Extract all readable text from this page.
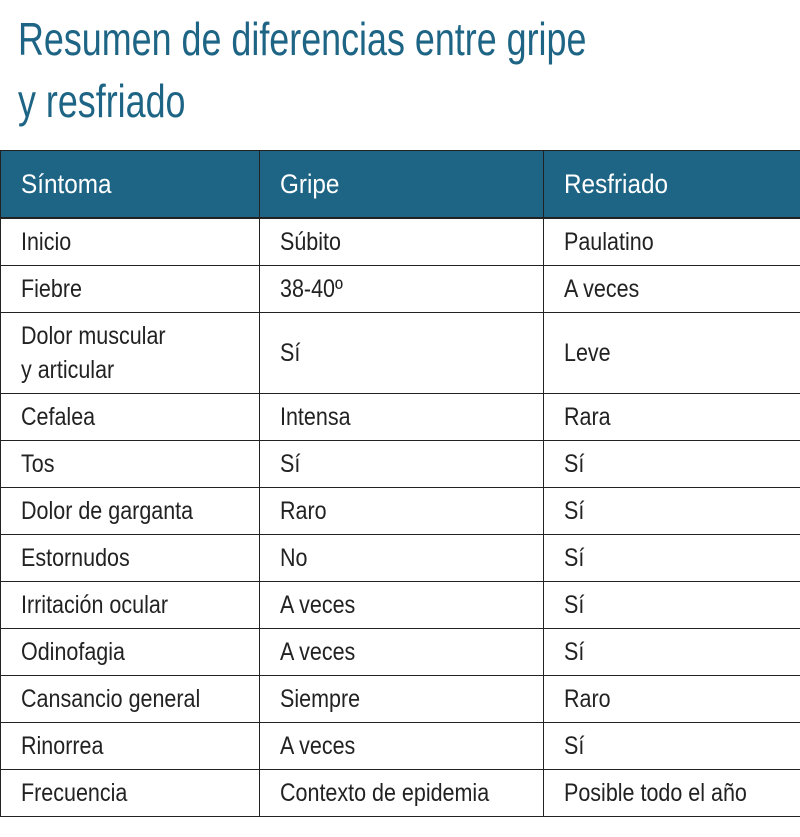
Resumen de diferencias entre gripe
y resfriado
Síntoma	Gripe	Resfriado
Inicio	Súbito	Paulatino
Fiebre	38-40º	A veces
Dolor muscular
y articular	Sí	Leve
Cefalea	Intensa	Rara
Tos	Sí	Sí
Dolor de garganta	Raro	Sí
Estornudos	No	Sí
Irritación ocular	A veces	Sí
Odinofagia	A veces	Sí
Cansancio general	Siempre	Raro
Rinorrea	A veces	Sí
Frecuencia	Contexto de epidemia	Posible todo el año
